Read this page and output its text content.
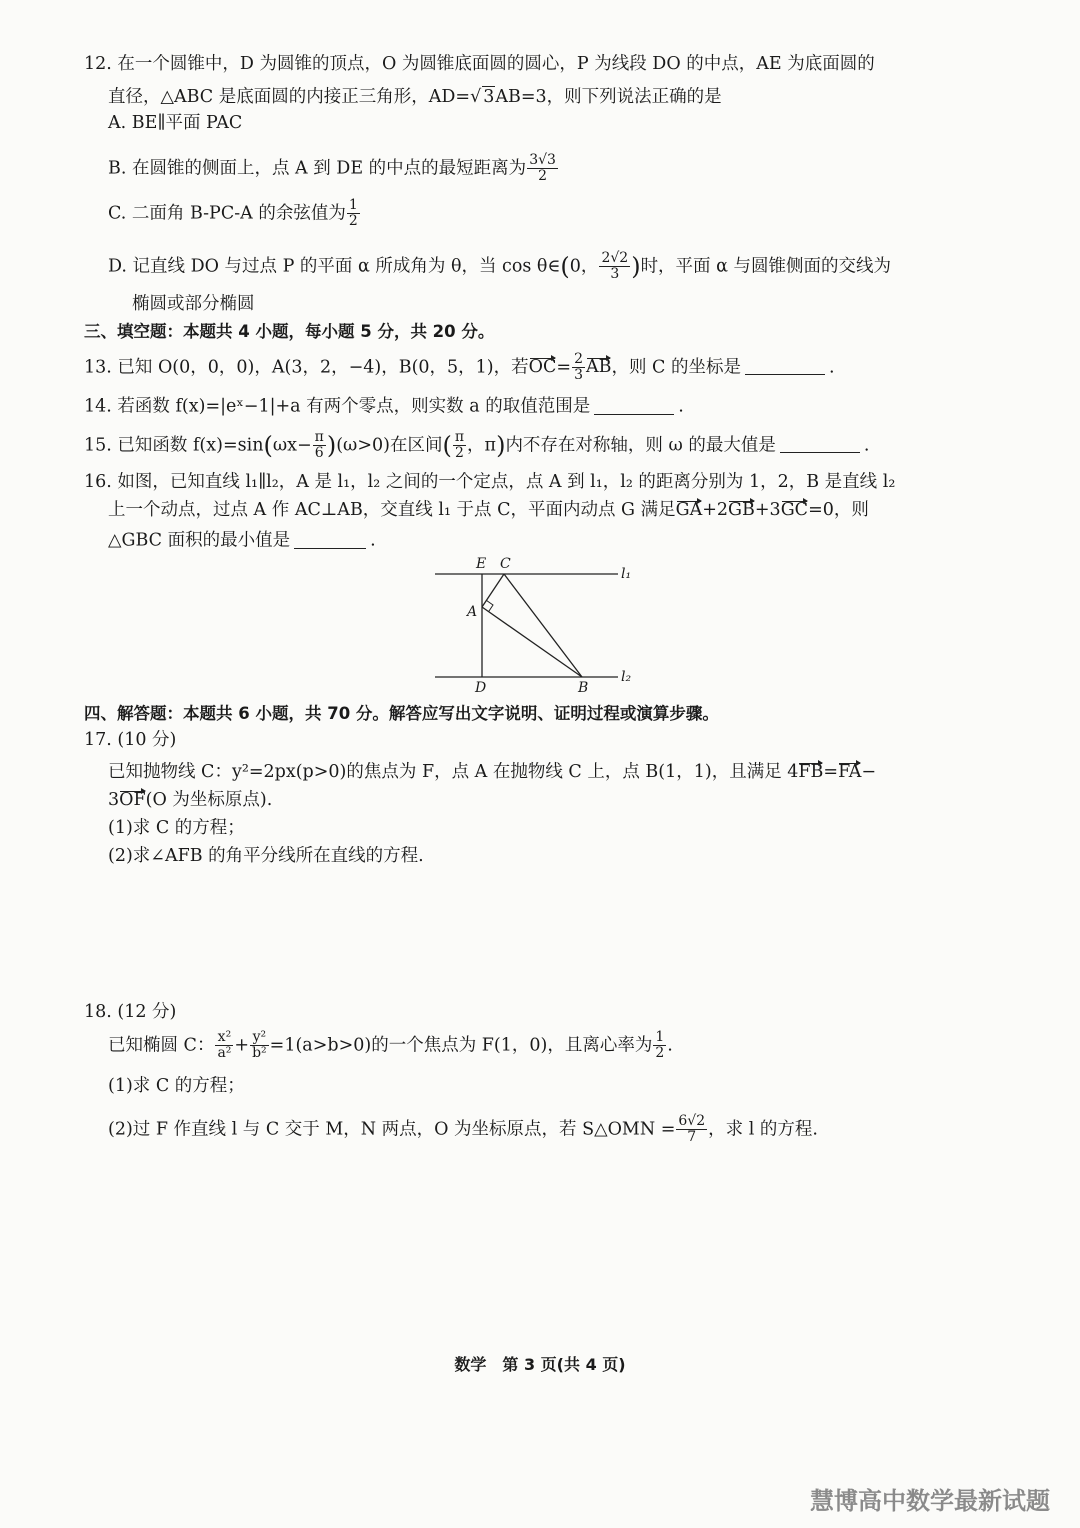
12. 在一个圆锥中，D 为圆锥的顶点，O 为圆锥底面圆的圆心，P 为线段 DO 的中点，AE 为底面圆的
直径，△ABC 是底面圆的内接正三角形，AD=√ 3AB=3，则下列说法正确的是
A. BE∥平面 PAC
B. 在圆锥的侧面上，点 A 到 DE 的中点的最短距离为 $\frac{3√3}{2}$
C. 二面角 B-PC-A 的余弦值为 $\frac{1}{2}$
D. 记直线 DO 与过点 P 的平面 α 所成角为 θ，当 cos θ∈(0， $\frac{2√2}{3}$ )时，平面 α 与圆锥侧面的交线为
椭圆或部分椭圆
三、填空题：本题共 4 小题，每小题 5 分，共 20 分。
13. 已知 O(0，0，0)，A(3，2，−4)，B(0，5，1)，若$OC= \frac{2}{3}$ AB，则 C 的坐标是	.
14. 若函数 f(x)=|eˣ−1|+a 有两个零点，则实数 a 的取值范围是	.
15. 已知函数 $f(x)=\sin(\omega x- \frac{\pi}{6} )(\omega>0)$在区间( $\frac{\pi}{2}$ ，π)内不存在对称轴，则 ω 的最大值是	.
16. 如图，已知直线 l₁∥l₂，A 是 l₁，l₂ 之间的一个定点，点 A 到 l₁，l₂ 的距离分别为 1，2，B 是直线 l₂
上一个动点，过点 A 作 AC⊥AB，交直线 l₁ 于点 C，平面内动点 G 满足GA+2GB+3GC=0，则
△GBC 面积的最小值是	.
E C
A
D	B
l₁
l₂
四、解答题：本题共 6 小题，共 70 分。解答应写出文字说明、证明过程或演算步骤。
17. (10 分)
已知抛物线 C：y²=2px(p>0)的焦点为 F，点 A 在抛物线 C 上，点 B(1，1)，且满足 4FB=FA−
3OF(O 为坐标原点).
(1)求 C 的方程；
(2)求∠AFB 的角平分线所在直线的方程.
18. (12 分)
已知椭圆 C： $\frac{\text{x²}}{\text{a²}} + \frac{\text{y²}}{\text{b²}} =1(a>b>0)$的一个焦点为 F(1，0)，且离心率为 $\frac{1}{2}$ .
(1)求 C 的方程；
(2)过 F 作直线 l 与 C 交于 M，N 两点，O 为坐标原点，若 S△OMN = $\frac{6√2}{7}$ ，求 l 的方程.
数学　第 3 页(共 4 页)
慧博高中数学最新试题
